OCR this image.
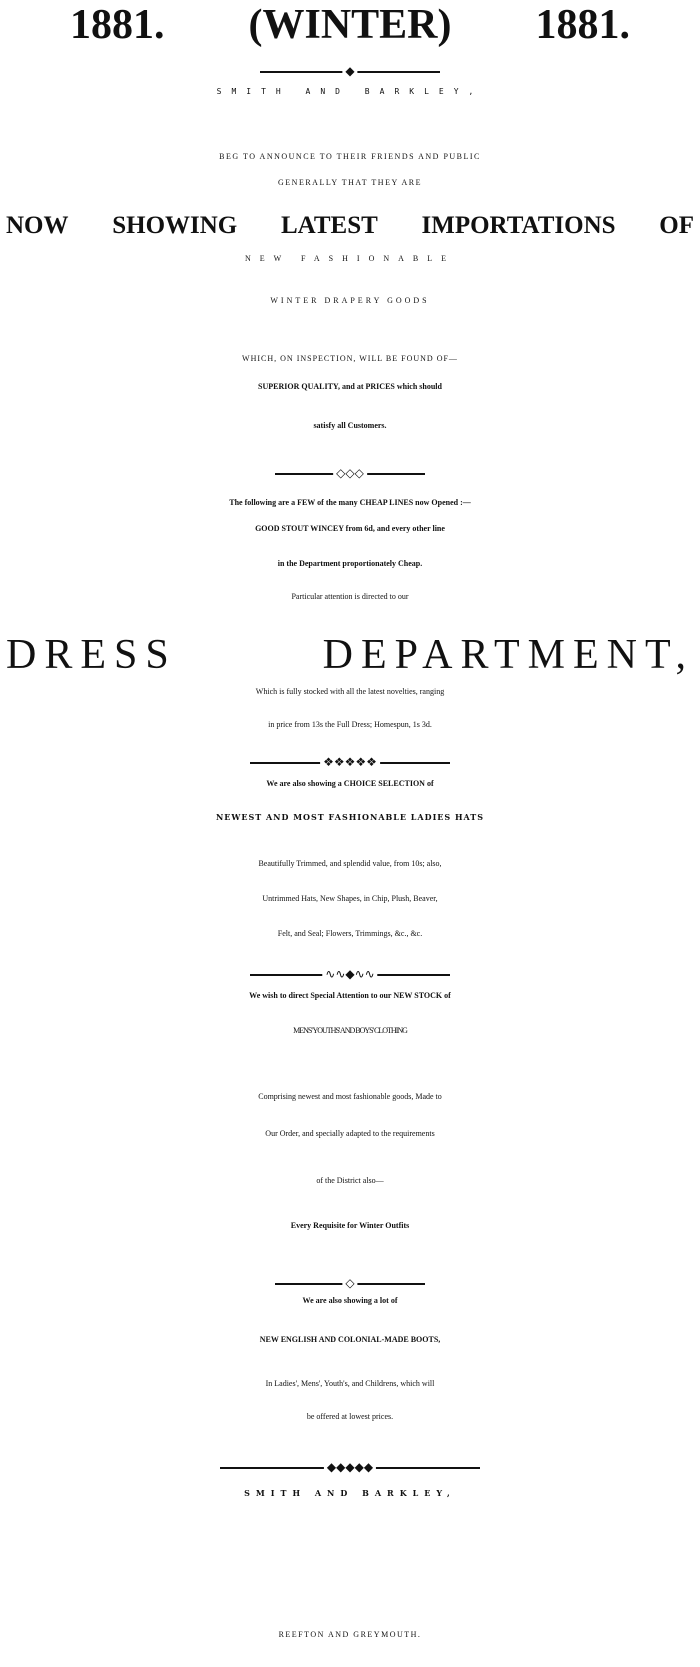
1881. (WINTER) 1881.
◆
SMITH AND BARKLEY,
BEG TO ANNOUNCE TO THEIR FRIENDS AND PUBLIC
GENERALLY THAT THEY ARE
NOW SHOWING LATEST IMPORTATIONS OF
NEW FASHIONABLE
WINTER DRAPERY GOODS
WHICH, ON INSPECTION, WILL BE FOUND OF—
SUPERIOR QUALITY, and at PRICES which should
satisfy all Customers.
◇◇◇
The following are a FEW of the many CHEAP LINES now Opened :—
GOOD STOUT WINCEY from 6d, and every other line
in the Department proportionately Cheap.
Particular attention is directed to our
DRESS	DEPARTMENT,
Which is fully stocked with all the latest novelties, ranging
in price from 13s the Full Dress; Homespun, 1s 3d.
❖❖❖❖❖
We are also showing a CHOICE SELECTION of
NEWEST AND MOST FASHIONABLE LADIES HATS
Beautifully Trimmed, and splendid value, from 10s; also,
Untrimmed Hats, New Shapes, in Chip, Plush, Beaver,
Felt, and Seal; Flowers, Trimmings, &c., &c.
∿∿◆∿∿
We wish to direct Special Attention to our NEW STOCK of
MENS' YOUTHS' AND BOYS' CLOTHING
Comprising newest and most fashionable goods, Made to
Our Order, and specially adapted to the requirements
of the District also—
Every Requisite for Winter Outfits
◇
We are also showing a lot of
NEW ENGLISH AND COLONIAL-MADE BOOTS,
In Ladies', Mens', Youth's, and Childrens, which will
be offered at lowest prices.
◆◆◆◆◆
SMITH AND BARKLEY,
REEFTON AND GREYMOUTH.
